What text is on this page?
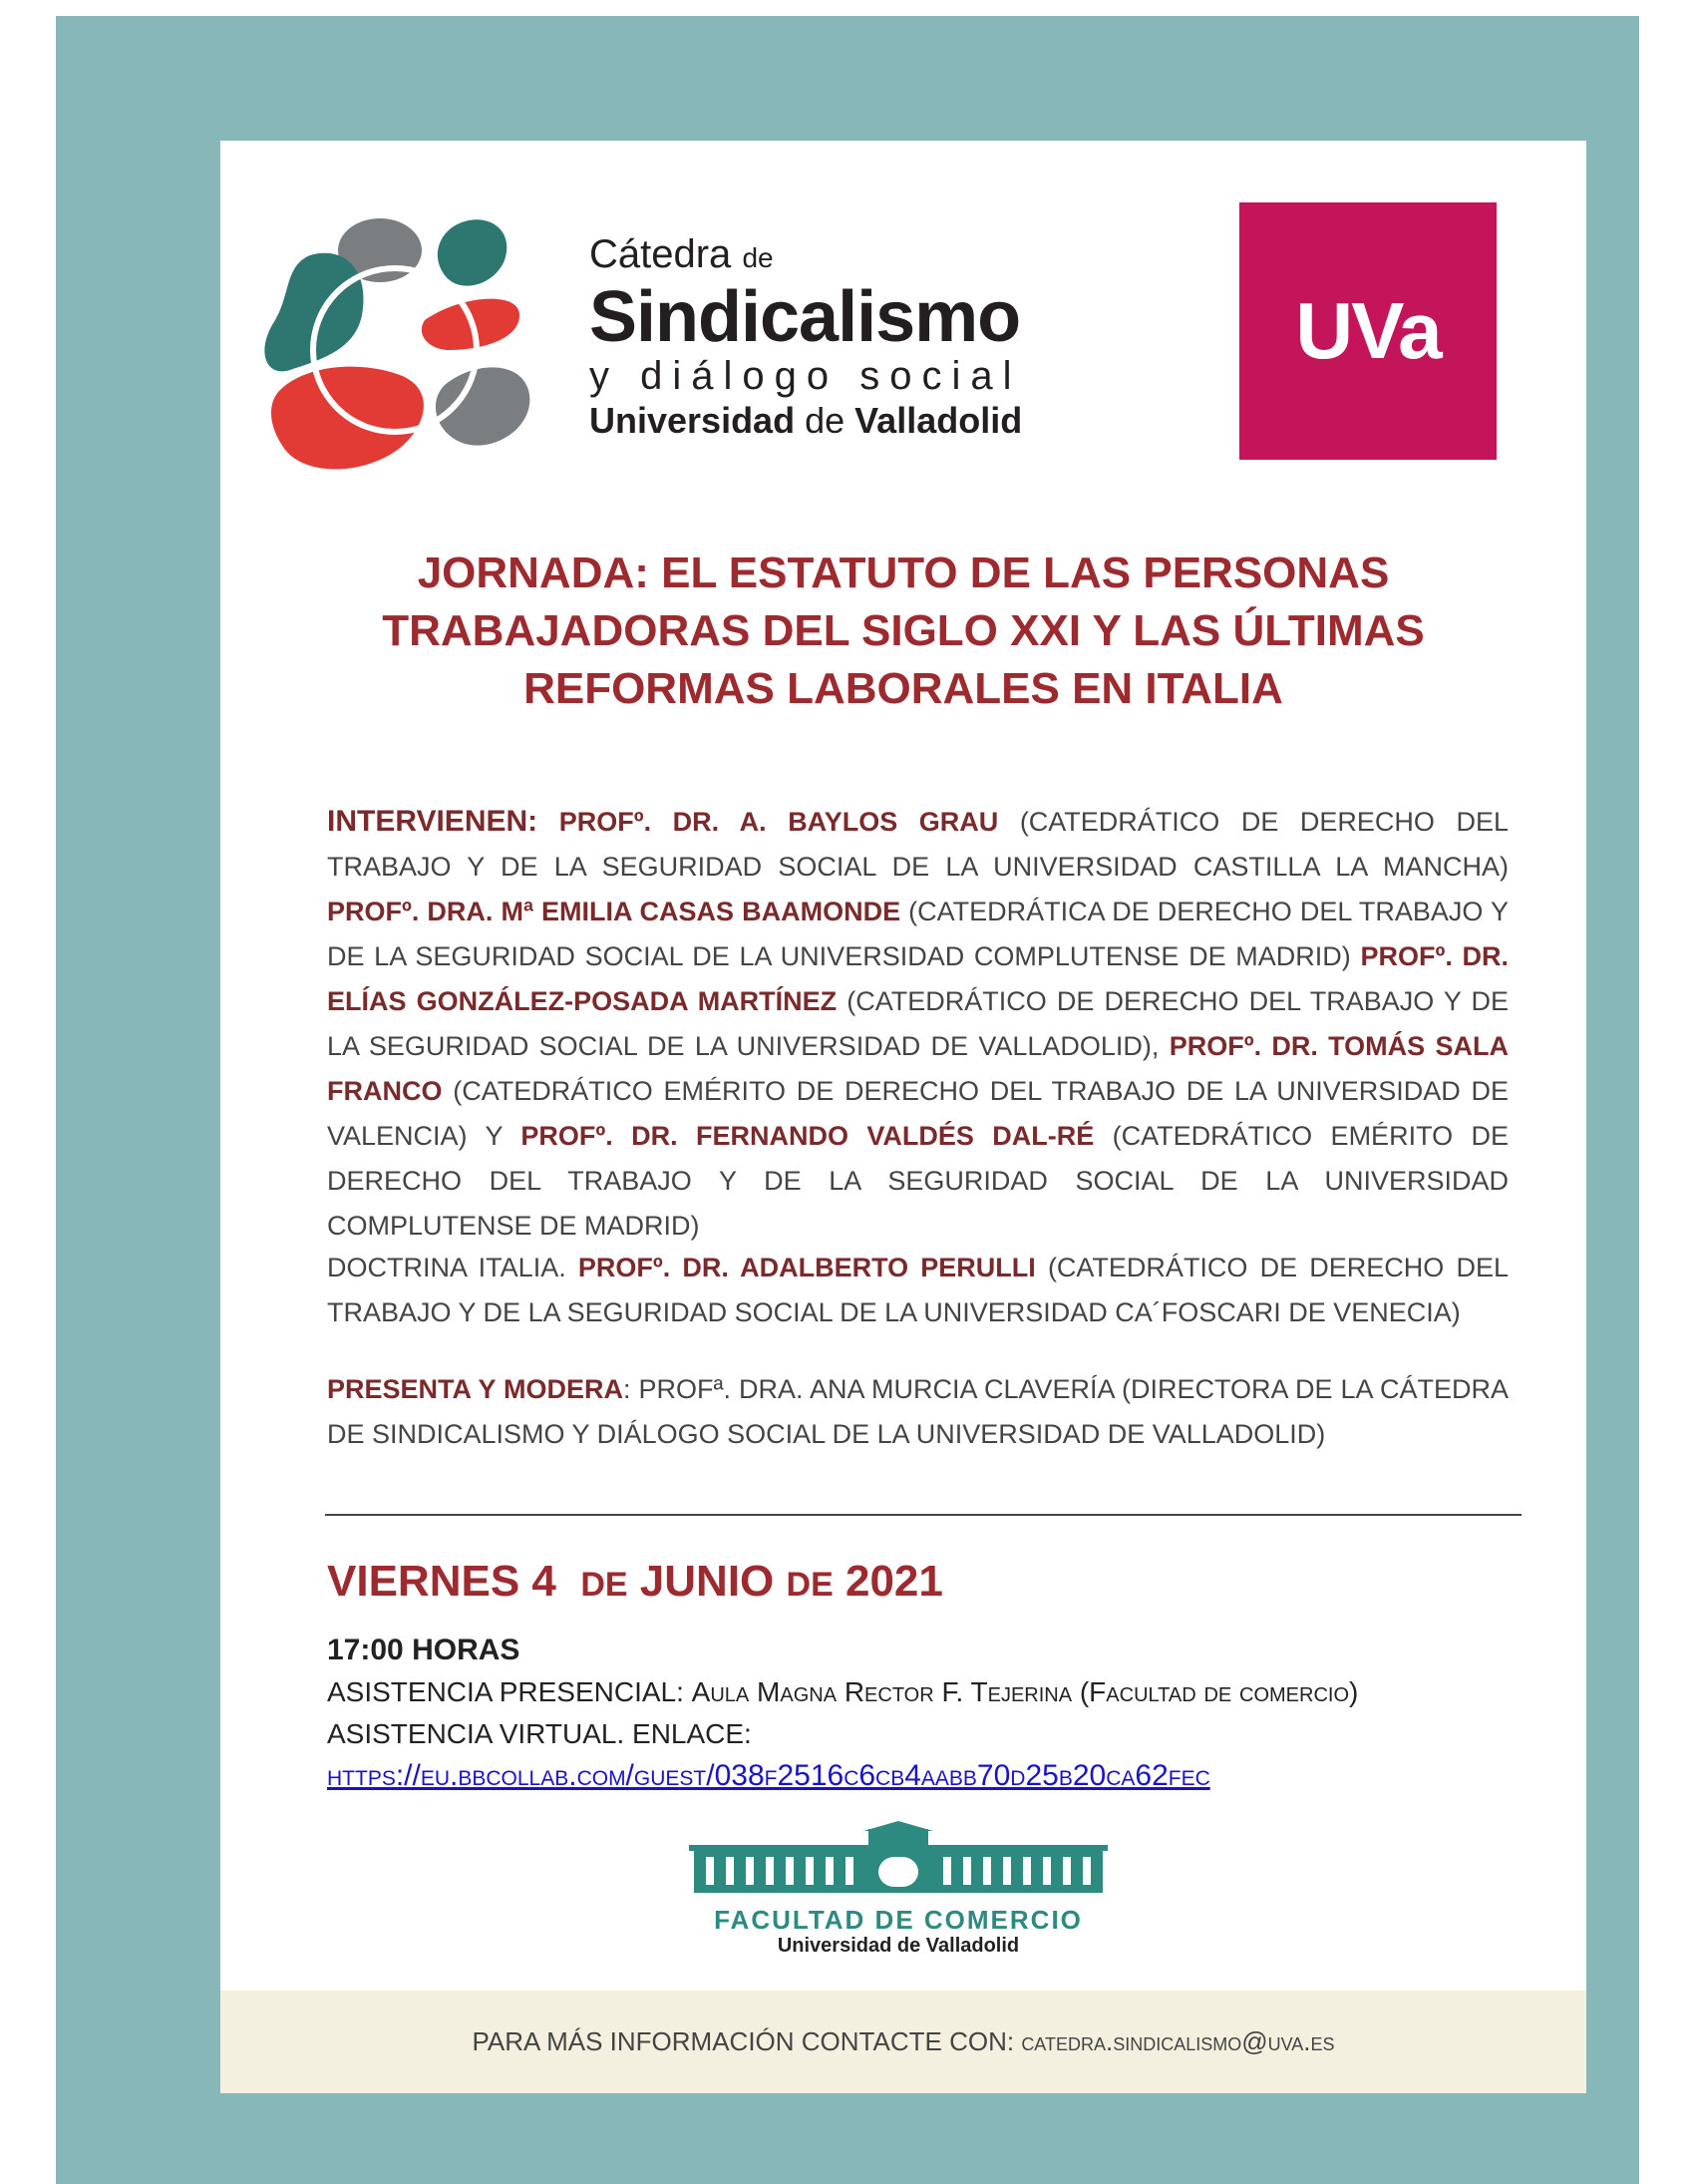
Cátedra de
Sindicalismo
y diálogo social
Universidad de Valladolid
UVa
JORNADA: EL ESTATUTO DE LAS PERSONAS TRABAJADORAS DEL SIGLO XXI Y LAS ÚLTIMAS REFORMAS LABORALES EN ITALIA
INTERVIENEN: PROFº. DR. A. BAYLOS GRAU (CATEDRÁTICO DE DERECHO DEL TRABAJO Y DE LA SEGURIDAD SOCIAL DE LA UNIVERSIDAD CASTILLA LA MANCHA) PROFº. DRA. Mª EMILIA CASAS BAAMONDE (CATEDRÁTICA DE DERECHO DEL TRABAJO Y DE LA SEGURIDAD SOCIAL DE LA UNIVERSIDAD COMPLUTENSE DE MADRID) PROFº. DR. ELÍAS GONZÁLEZ-POSADA MARTÍNEZ (CATEDRÁTICO DE DERECHO DEL TRABAJO Y DE LA SEGURIDAD SOCIAL DE LA UNIVERSIDAD DE VALLADOLID), PROFº. DR. TOMÁS SALA FRANCO (CATEDRÁTICO EMÉRITO DE DERECHO DEL TRABAJO DE LA UNIVERSIDAD DE VALENCIA) Y PROFº. DR. FERNANDO VALDÉS DAL-RÉ (CATEDRÁTICO EMÉRITO DE DERECHO DEL TRABAJO Y DE LA SEGURIDAD SOCIAL DE LA UNIVERSIDAD COMPLUTENSE DE MADRID)
DOCTRINA ITALIA. PROFº. DR. ADALBERTO PERULLI (CATEDRÁTICO DE DERECHO DEL TRABAJO Y DE LA SEGURIDAD SOCIAL DE LA UNIVERSIDAD CA´FOSCARI DE VENECIA)
PRESENTA Y MODERA: PROFª. DRA. ANA MURCIA CLAVERÍA (DIRECTORA DE LA CÁTEDRA DE SINDICALISMO Y DIÁLOGO SOCIAL DE LA UNIVERSIDAD DE VALLADOLID)
VIERNES 4 DE JUNIO DE 2021
17:00 HORAS
ASISTENCIA PRESENCIAL: Aula Magna Rector F. Tejerina (Facultad de comercio)
ASISTENCIA VIRTUAL. ENLACE:
https://eu.bbcollab.com/guest/038f2516c6cb4aabb70d25b20ca62fec
FACULTAD DE COMERCIO
Universidad de Valladolid
PARA MÁS INFORMACIÓN CONTACTE CON:
catedra.sindicalismo@uva.es
